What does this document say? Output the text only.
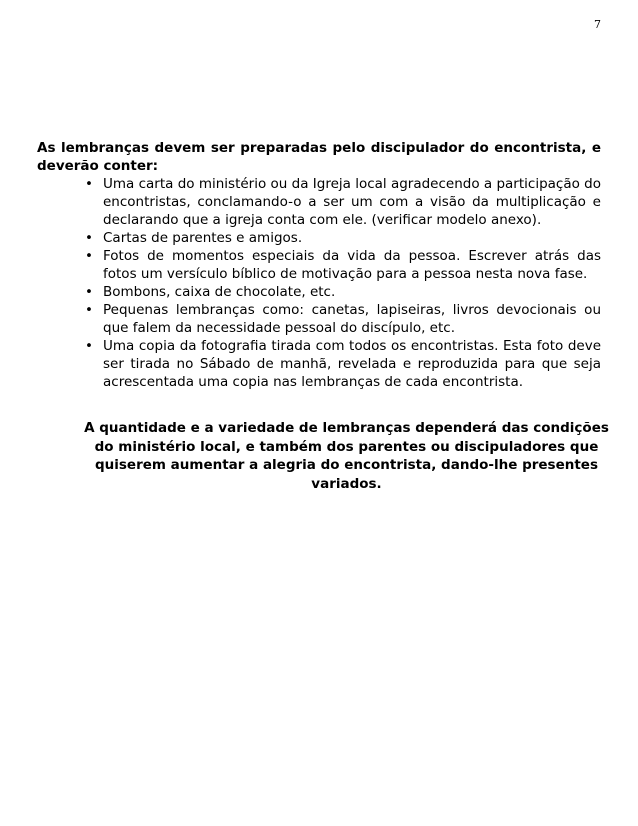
7

As lembranças devem ser preparadas pelo discipulador do encontrista, e deverão conter:

• Uma carta do ministério ou da Igreja local agradecendo a participação do encontristas, conclamando-o a ser um com a visão da multiplicação e declarando que a igreja conta com ele. (verificar modelo anexo).
• Cartas de parentes e amigos.
• Fotos de momentos especiais da vida da pessoa. Escrever atrás das fotos um versículo bíblico de motivação para a pessoa nesta nova fase.
• Bombons, caixa de chocolate, etc.
• Pequenas lembranças como: canetas, lapiseiras, livros devocionais ou que falem da necessidade pessoal do discípulo, etc.
• Uma copia da fotografia tirada com todos os encontristas. Esta foto deve ser tirada no Sábado de manhã, revelada e reproduzida para que seja acrescentada uma copia nas lembranças de cada encontrista.

A quantidade e a variedade de lembranças dependerá das condições do ministério local, e também dos parentes ou discipuladores que quiserem aumentar a alegria do encontrista, dando-lhe presentes variados.
